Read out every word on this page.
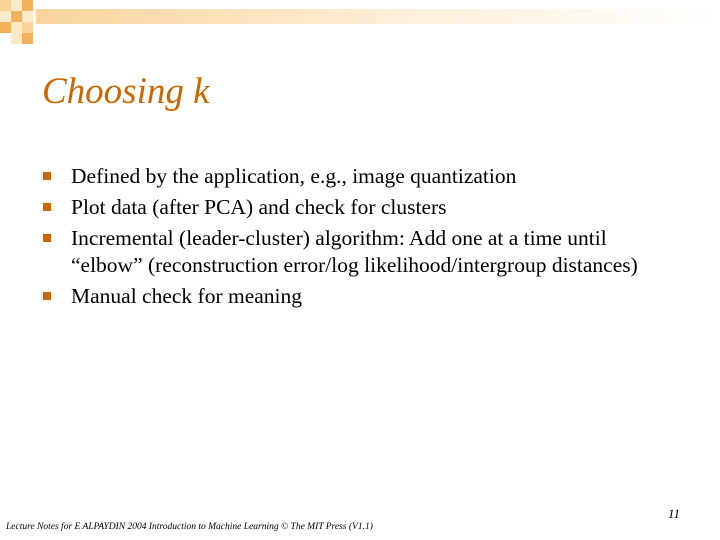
Choosing k
Defined by the application, e.g., image quantization
Plot data (after PCA) and check for clusters
Incremental (leader-cluster) algorithm: Add one at a time until “elbow” (reconstruction error/log likelihood/intergroup distances)
Manual check for meaning
11
Lecture Notes for E ALPAYDIN 2004 Introduction to Machine Learning © The MIT Press (V1.1)
